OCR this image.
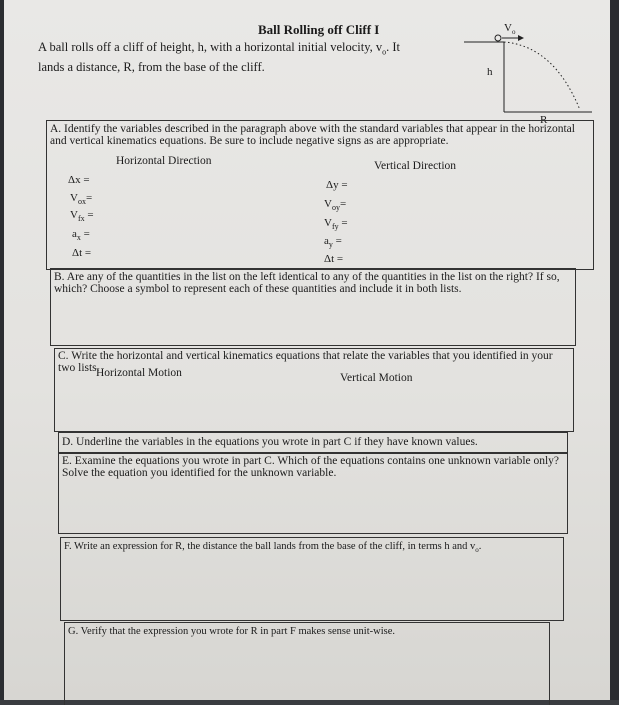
Ball Rolling off Cliff I
A ball rolls off a cliff of height, h, with a horizontal initial velocity, $v_o$. It
lands a distance, R, from the base of the cliff.
$V_o$
h
R
A. Identify the variables described in the paragraph above with the standard variables that appear in the horizontal and vertical kinematics equations. Be sure to include negative signs as are appropriate.
Horizontal Direction	Vertical Direction
Δx =
$V_{ox}=$
$V_{fx}$ =
$a_x$ =
Δt =
Δy =
$V_{oy}=$
$V_{fy}$ =
$a_y$ =
Δt =
B. Are any of the quantities in the list on the left identical to any of the quantities in the list on the right? If so, which? Choose a symbol to represent each of these quantities and include it in both lists.
C. Write the horizontal and vertical kinematics equations that relate the variables that you identified in your two lists.
Horizontal Motion	Vertical Motion
D. Underline the variables in the equations you wrote in part C if they have known values.
E. Examine the equations you wrote in part C. Which of the equations contains one unknown variable only? Solve the equation you identified for the unknown variable.
F. Write an expression for R, the distance the ball lands from the base of the cliff, in terms h and $v_o$.
G. Verify that the expression you wrote for R in part F makes sense unit-wise.
